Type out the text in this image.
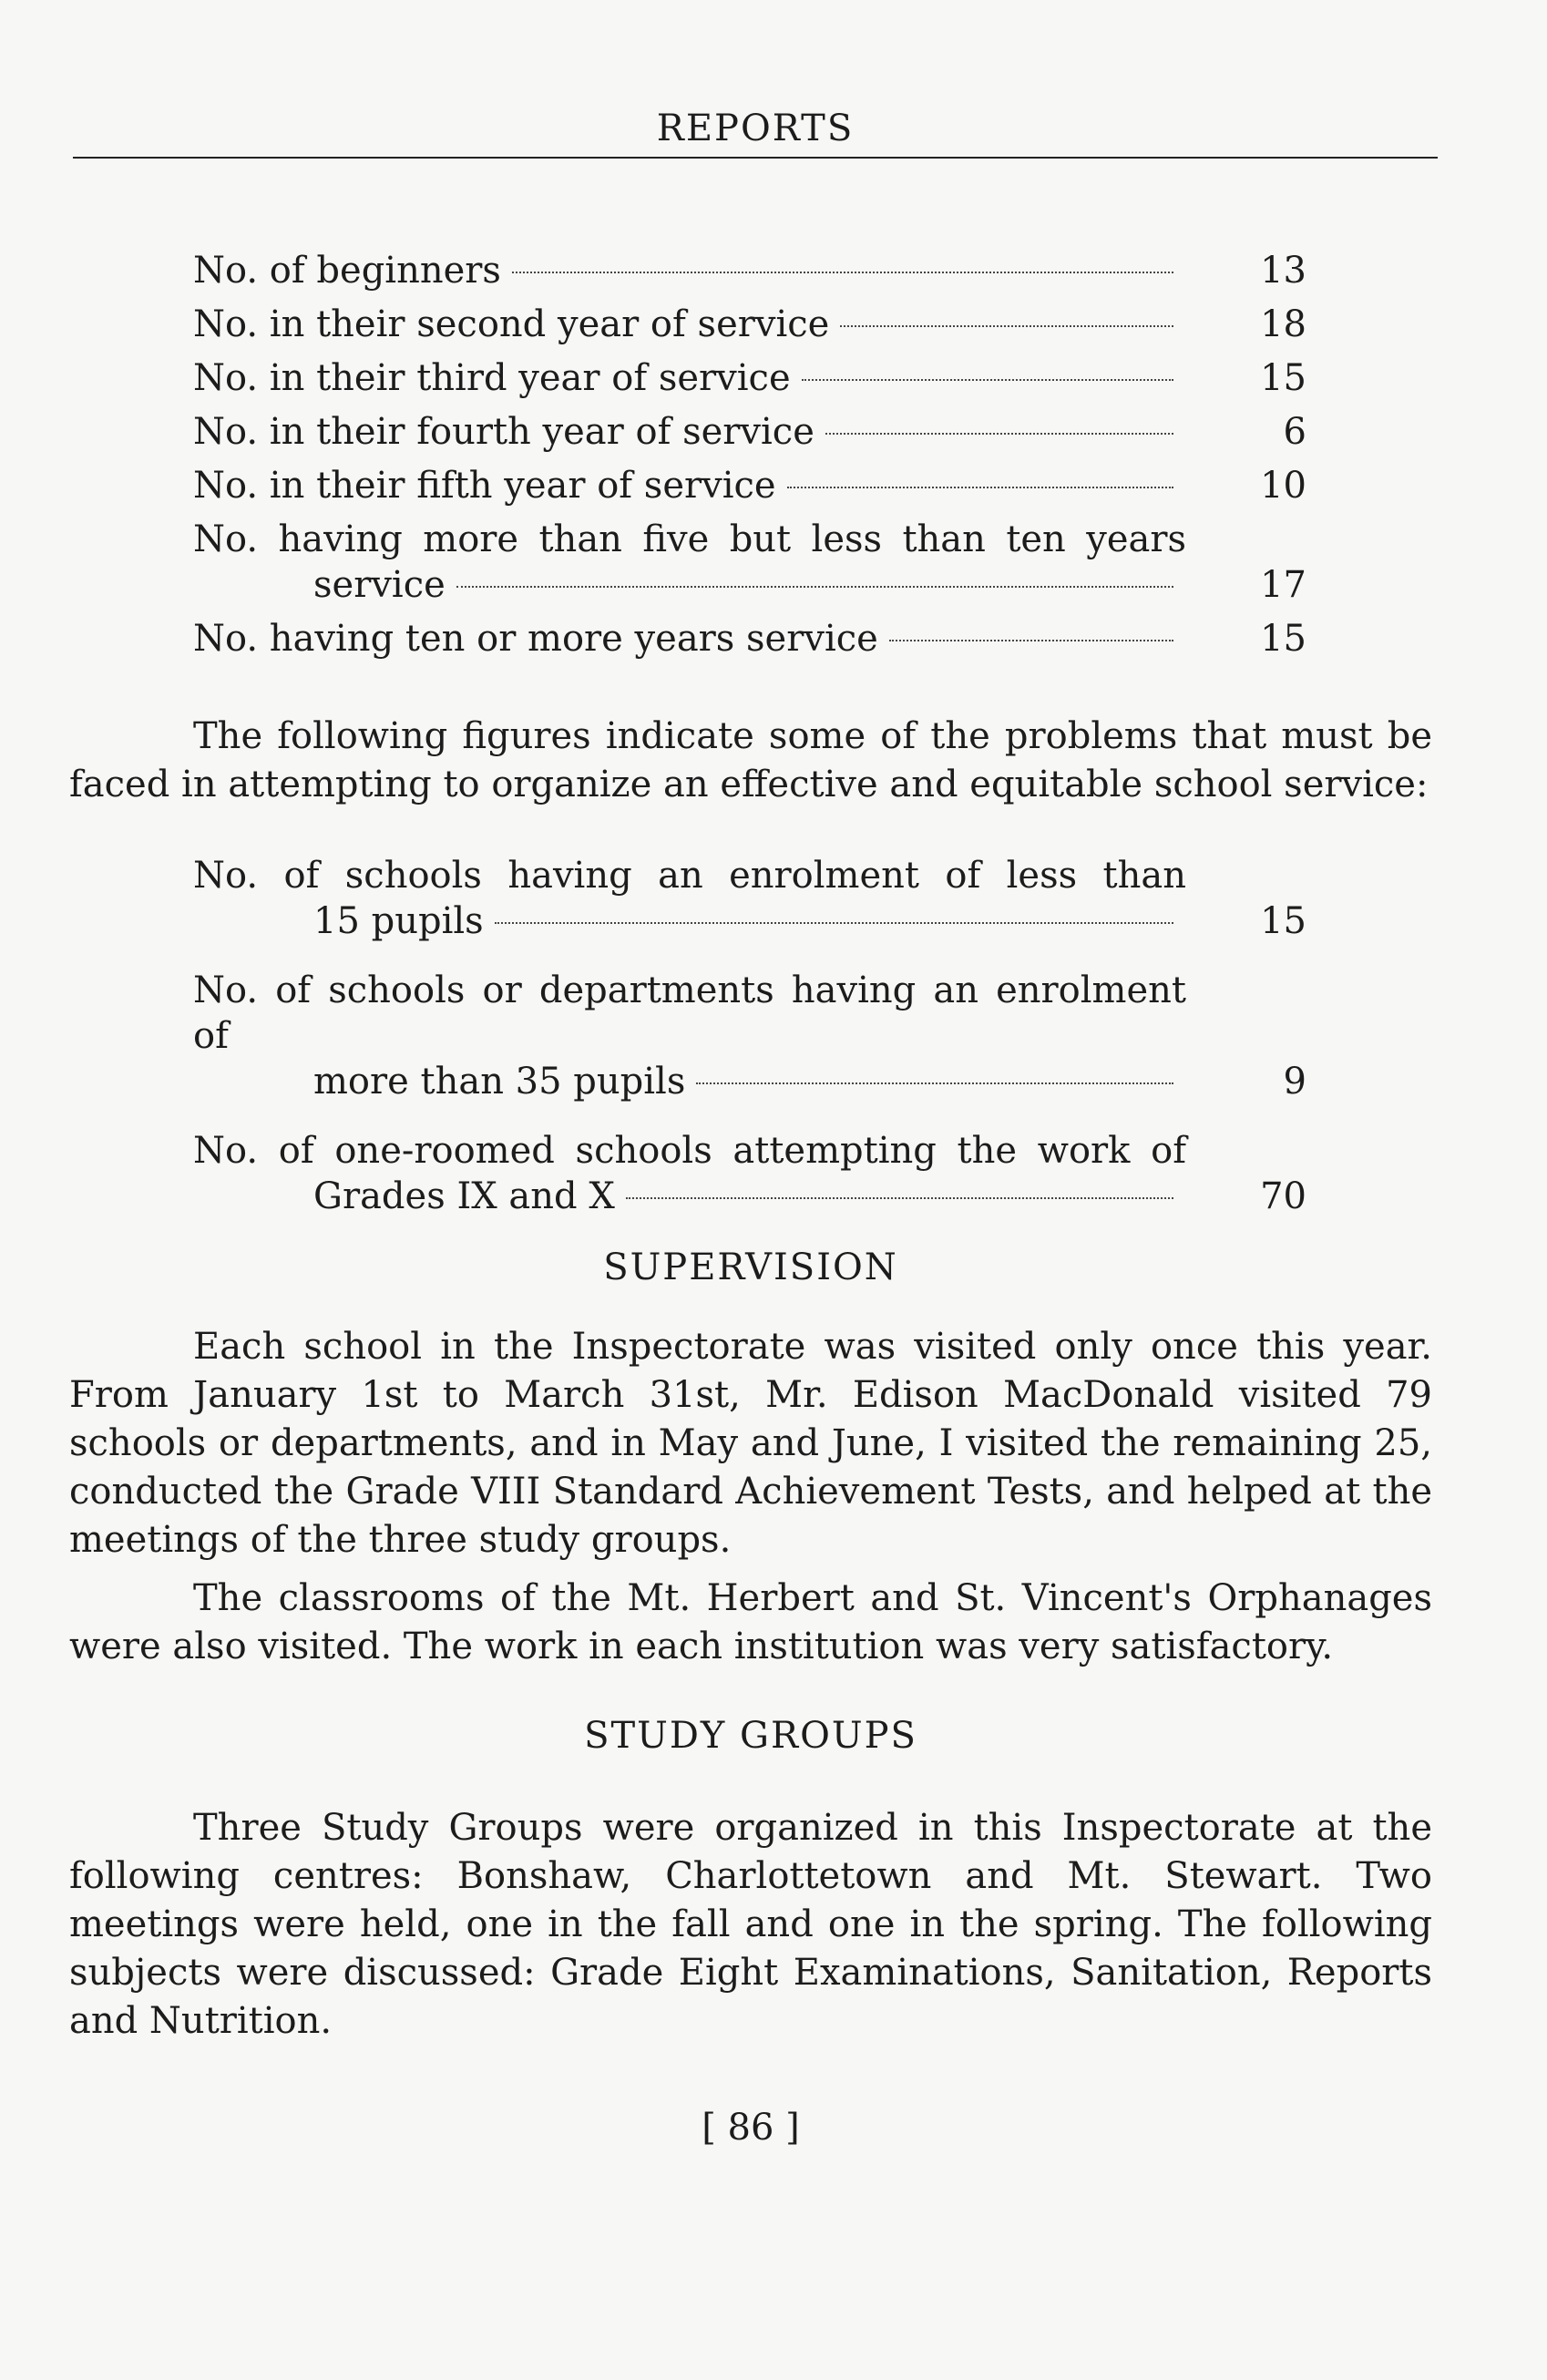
REPORTS
No. of beginners	13
No. in their second year of service	18
No. in their third year of service	15
No. in their fourth year of service	6
No. in their fifth year of service	10
No. having more than five but less than ten years
service	17
No. having ten or more years service	15

The following figures indicate some of the problems that must be faced in attempting to organize an effective and equitable school service:

No. of schools having an enrolment of less than
15 pupils	15
No. of schools or departments having an enrolment of
more than 35 pupils	9
No. of one-roomed schools attempting the work of
Grades IX and X	70
SUPERVISION

Each school in the Inspectorate was visited only once this year. From January 1st to March 31st, Mr. Edison MacDonald visited 79 schools or departments, and in May and June, I visited the remaining 25, conducted the Grade VIII Standard Achievement Tests, and helped at the meetings of the three study groups.

The classrooms of the Mt. Herbert and St. Vincent's Orphanages were also visited. The work in each institution was very satisfactory.

STUDY GROUPS

Three Study Groups were organized in this Inspectorate at the following centres: Bonshaw, Charlottetown and Mt. Stewart. Two meetings were held, one in the fall and one in the spring. The following subjects were discussed: Grade Eight Examinations, Sanitation, Reports and Nutrition.

[ 86 ]
